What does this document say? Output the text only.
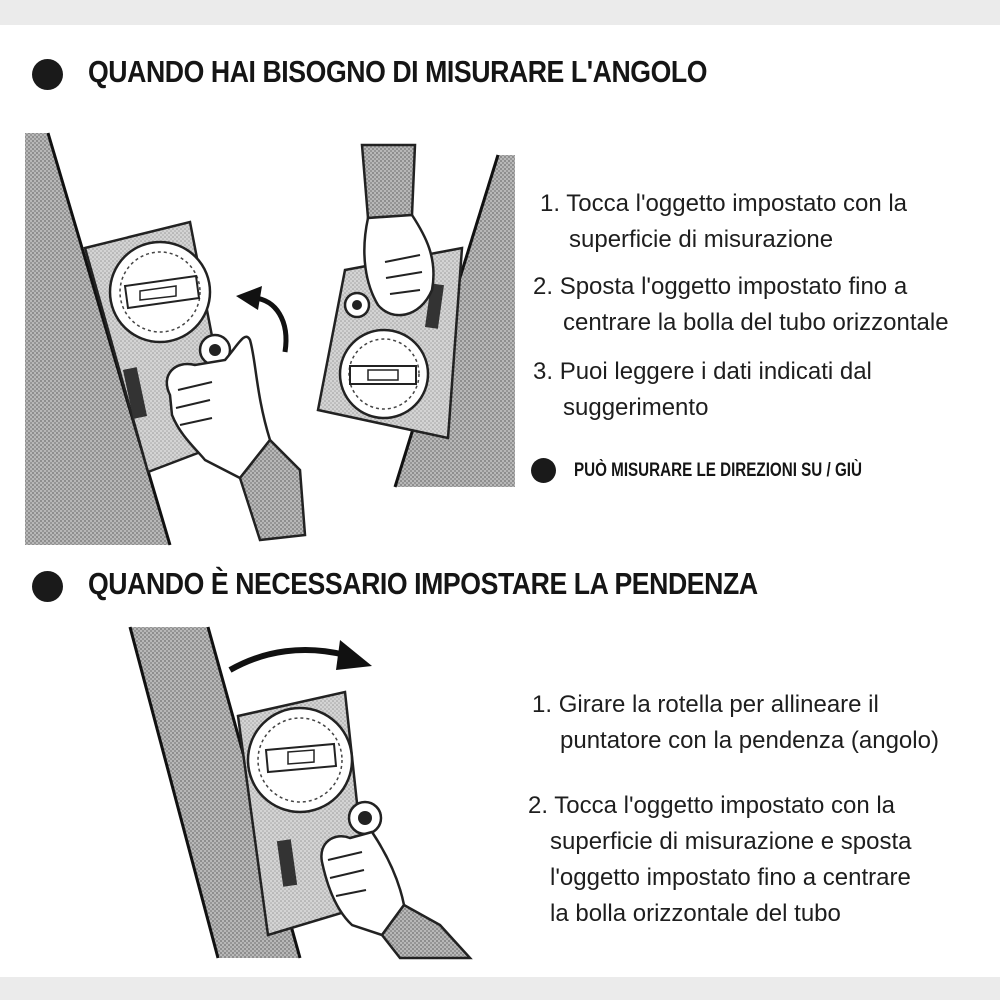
QUANDO HAI BISOGNO DI MISURARE L'ANGOLO
1. Tocca l'oggetto impostato con la
superficie di misurazione
2. Sposta l'oggetto impostato fino a
centrare la bolla del tubo orizzontale
3. Puoi leggere i dati indicati dal
suggerimento
PUÒ MISURARE LE DIREZIONI SU / GIÙ
QUANDO È NECESSARIO IMPOSTARE LA PENDENZA
1. Girare la rotella per allineare il
puntatore con la pendenza (angolo)
2. Tocca l'oggetto impostato con la
superficie di misurazione e sposta
l'oggetto impostato fino a centrare
la bolla orizzontale del tubo
